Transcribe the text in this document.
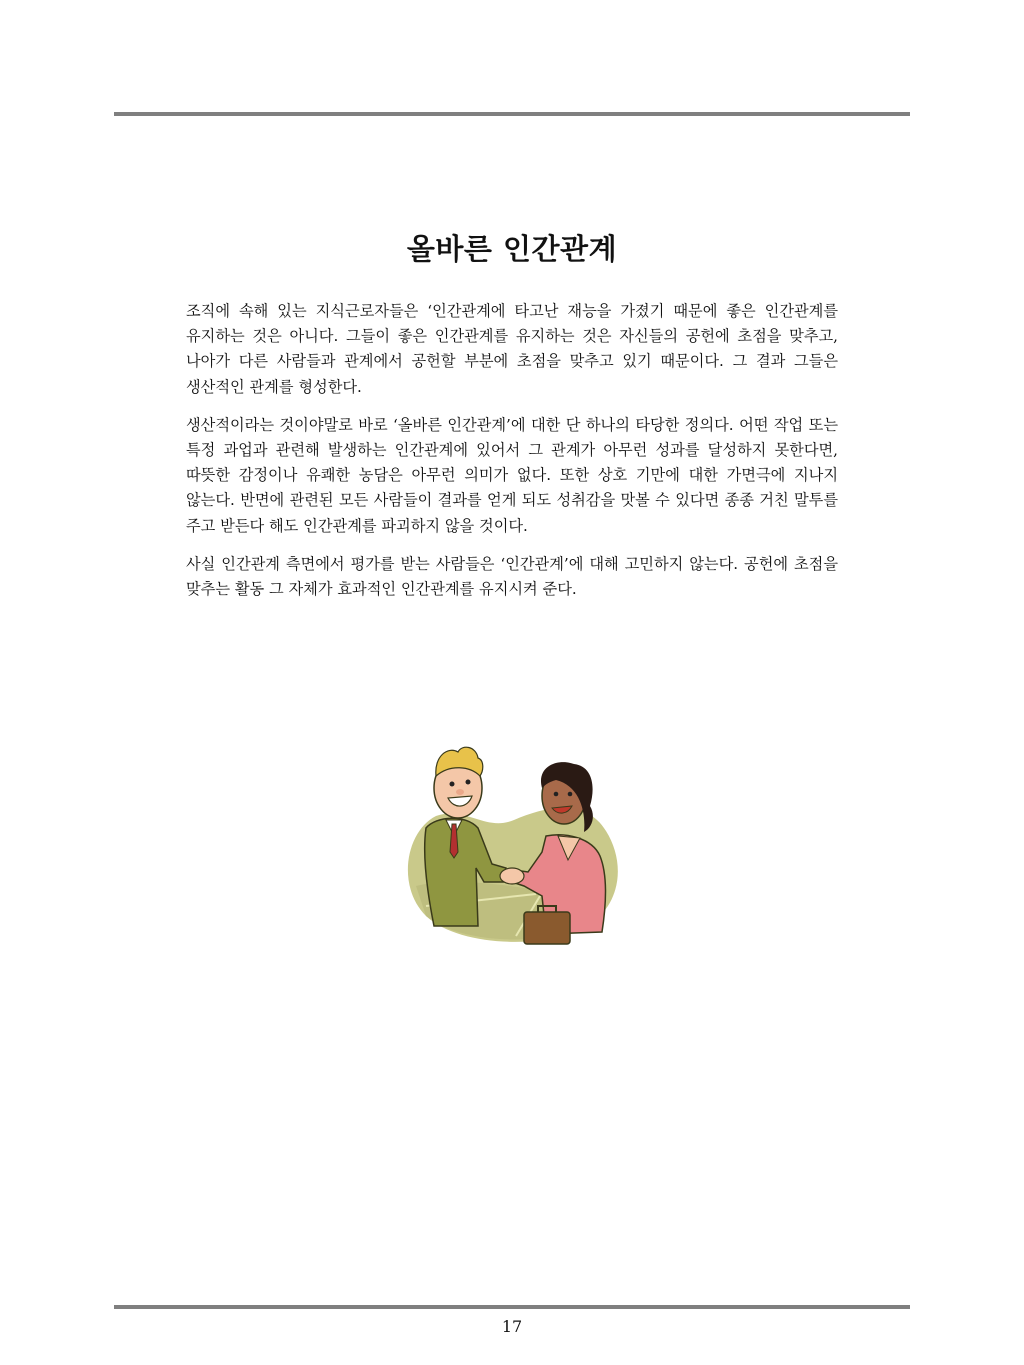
올바른 인간관계

조직에 속해 있는 지식근로자들은 ‘인간관계에 타고난 재능을 가졌기 때문에 좋은 인간관계를 유지하는 것은 아니다. 그들이 좋은 인간관계를 유지하는 것은 자신들의 공헌에 초점을 맞추고, 나아가 다른 사람들과 관계에서 공헌할 부분에 초점을 맞추고 있기 때문이다. 그 결과 그들은 생산적인 관계를 형성한다.

생산적이라는 것이야말로 바로 ‘올바른 인간관계’에 대한 단 하나의 타당한 정의다. 어떤 작업 또는 특정 과업과 관련해 발생하는 인간관계에 있어서 그 관계가 아무런 성과를 달성하지 못한다면, 따뜻한 감정이나 유쾌한 농담은 아무런 의미가 없다. 또한 상호 기만에 대한 가면극에 지나지 않는다. 반면에 관련된 모든 사람들이 결과를 얻게 되도 성취감을 맛볼 수 있다면 종종 거친 말투를 주고 받든다 해도 인간관계를 파괴하지 않을 것이다.

사실 인간관계 측면에서 평가를 받는 사람들은 ‘인간관계’에 대해 고민하지 않는다. 공헌에 초점을 맞추는 활동 그 자체가 효과적인 인간관계를 유지시켜 준다.

17
